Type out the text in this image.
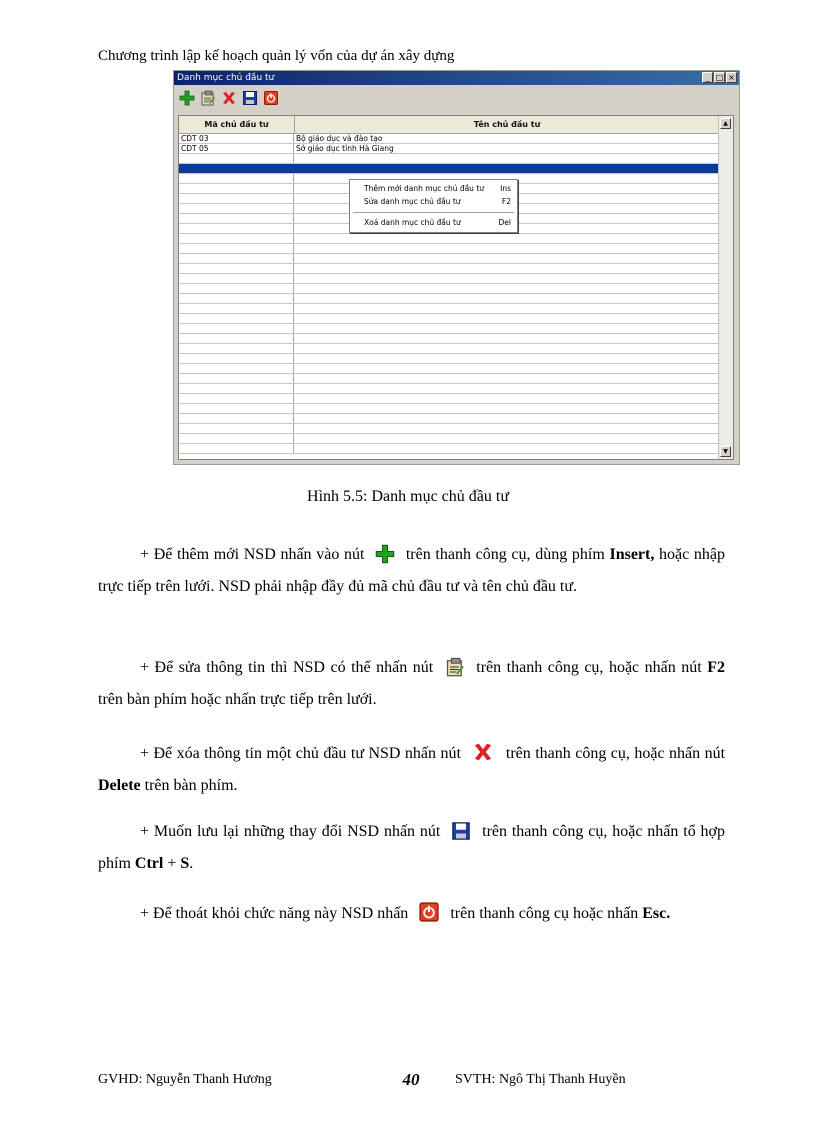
Chương trình lập kế hoạch quản lý vốn của dự án xây dựng
Danh mục chủ đầu tư	_ □ ×
Mã chủ đầu tư	Tên chủ đầu tư
CDT 03	Bộ giáo dục và đào tạo
CDT 05	Sở giáo dục tỉnh Hà Giang
▲
▼
Thêm mới danh mục chủ đầu tư Ins
Sửa danh mục chủ đầu tư	F2
Xoá danh mục chủ đầu tư	Del
Hình 5.5: Danh mục chủ đầu tư
+ Để thêm mới NSD nhấn vào nút	trên thanh công cụ, dùng phím Insert, hoặc nhập trực tiếp trên lưới. NSD phải nhập đầy đủ mã chủ đầu tư và tên chủ đầu tư.
+ Để sửa thông tin thì NSD có thể nhấn nút	trên thanh công cụ, hoặc nhấn nút F2 trên bàn phím hoặc nhấn trực tiếp trên lưới.
+ Để xóa thông tin một chủ đầu tư NSD nhấn nút	trên thanh công cụ, hoặc nhấn nút Delete trên bàn phím.
+ Muốn lưu lại những thay đổi NSD nhấn nút	trên thanh công cụ, hoặc nhấn tổ hợp phím Ctrl + S.
+ Để thoát khỏi chức năng này NSD nhấn	trên thanh công cụ hoặc nhấn Esc.
GVHD: Nguyễn Thanh Hương	40	SVTH: Ngô Thị Thanh Huyền
